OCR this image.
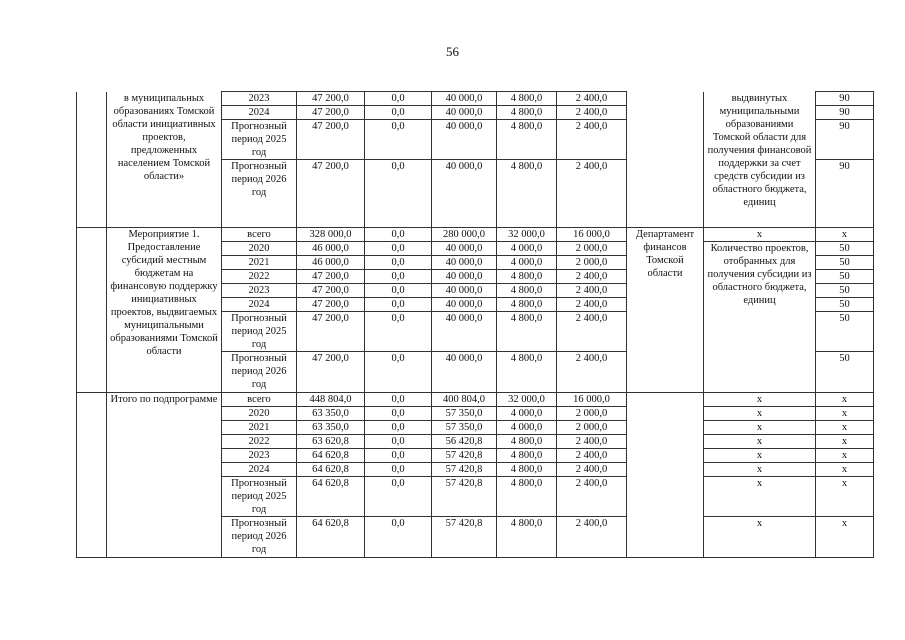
56
	в муниципальных образованиях Томской области инициативных проектов, предложенных населением Томской области»	2023	47 200,0	0,0	40 000,0	4 800,0	2 400,0		выдвинутых муниципальными образованиями Томской области для получения финансовой поддержки за счет средств субсидии из областного бюджета, единиц	90
		2024	47 200,0	0,0	40 000,0	4 800,0	2 400,0			90
		Прогнозный период 2025 год	47 200,0	0,0	40 000,0	4 800,0	2 400,0			90
		Прогнозный период 2026 год	47 200,0	0,0	40 000,0	4 800,0	2 400,0			90
	Мероприятие 1. Предоставление субсидий местным бюджетам на финансовую поддержку инициативных проектов, выдвигаемых муниципальными образованиями Томской области	всего	328 000,0	0,0	280 000,0	32 000,0	16 000,0	Департамент финансов Томской области	х	х
		2020	46 000,0	0,0	40 000,0	4 000,0	2 000,0		Количество проектов, отобранных для получения субсидии из областного бюджета, единиц	50
		2021	46 000,0	0,0	40 000,0	4 000,0	2 000,0			50
		2022	47 200,0	0,0	40 000,0	4 800,0	2 400,0			50
		2023	47 200,0	0,0	40 000,0	4 800,0	2 400,0			50
		2024	47 200,0	0,0	40 000,0	4 800,0	2 400,0			50
		Прогнозный период 2025 год	47 200,0	0,0	40 000,0	4 800,0	2 400,0			50
		Прогнозный период 2026 год	47 200,0	0,0	40 000,0	4 800,0	2 400,0			50
	Итого по подпрограмме	всего	448 804,0	0,0	400 804,0	32 000,0	16 000,0		х	х
		2020	63 350,0	0,0	57 350,0	4 000,0	2 000,0		х	х
		2021	63 350,0	0,0	57 350,0	4 000,0	2 000,0		х	х
		2022	63 620,8	0,0	56 420,8	4 800,0	2 400,0		х	х
		2023	64 620,8	0,0	57 420,8	4 800,0	2 400,0		х	х
		2024	64 620,8	0,0	57 420,8	4 800,0	2 400,0		х	х
		Прогнозный период 2025 год	64 620,8	0,0	57 420,8	4 800,0	2 400,0		х	х
		Прогнозный период 2026 год	64 620,8	0,0	57 420,8	4 800,0	2 400,0		х	х
